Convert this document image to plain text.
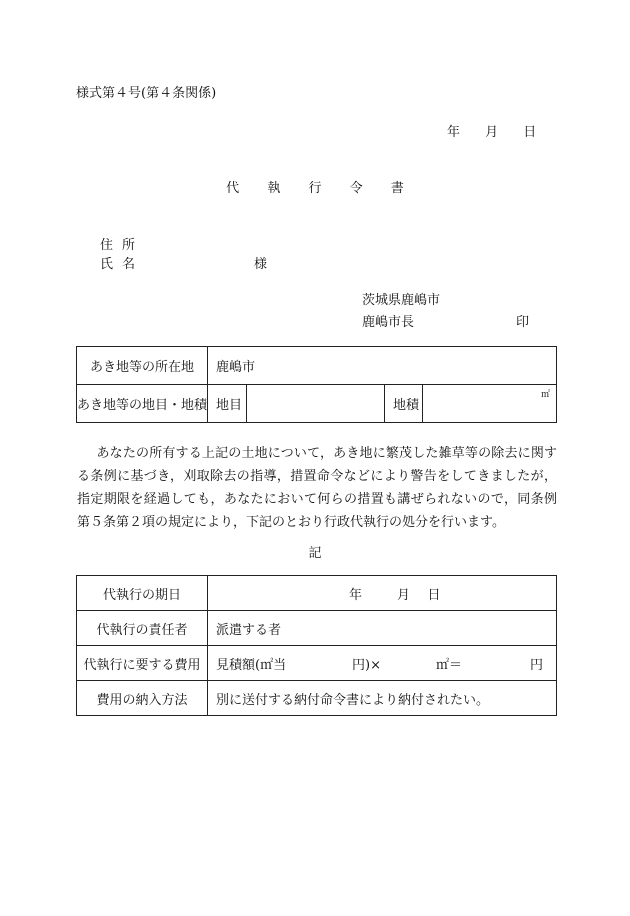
様式第４号(第４条関係)
年 月 日
代 執 行 令 書
住 所
氏 名	様
茨城県鹿嶋市
鹿嶋市長	印
あき地等の所在地	鹿嶋市			
あき地等の地目・地積	地目		地積	㎡
あなたの所有する上記の土地について，あき地に繁茂した雑草等の除去に関する条例に基づき，刈取除去の指導，措置命令などにより警告をしてきましたが，指定期限を経過しても，あなたにおいて何らの措置も講ぜられないので，同条例第５条第２項の規定により，下記のとおり行政代執行の処分を行います。
記
代執行の期日	年 月 日
代執行の責任者	派遣する者
代執行に要する費用	見積額(㎡当 円)× ㎡＝ 円
費用の納入方法	別に送付する納付命令書により納付されたい。
